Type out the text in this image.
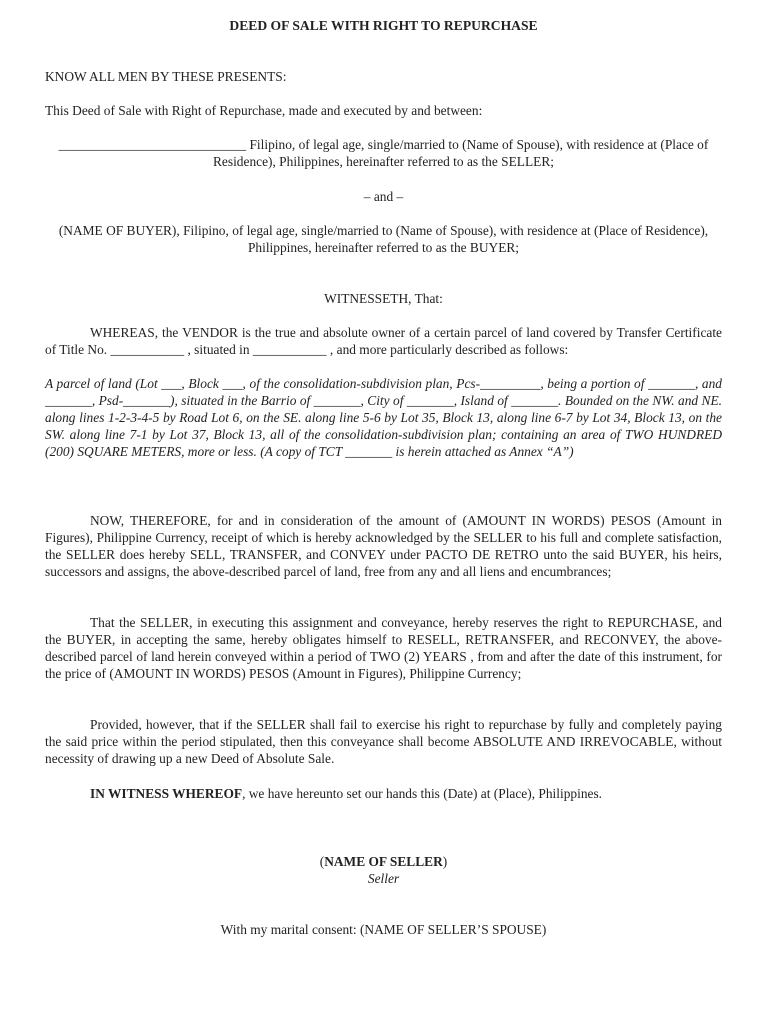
DEED OF SALE WITH RIGHT TO REPURCHASE

KNOW ALL MEN BY THESE PRESENTS:

This Deed of Sale with Right of Repurchase, made and executed by and between:

____________________________ Filipino, of legal age, single/married to (Name of Spouse), with residence at (Place of Residence), Philippines, hereinafter referred to as the SELLER;

– and –

(NAME OF BUYER), Filipino, of legal age, single/married to (Name of Spouse), with residence at (Place of Residence), Philippines, hereinafter referred to as the BUYER;

WITNESSETH, That:

WHEREAS, the VENDOR is the true and absolute owner of a certain parcel of land covered by Transfer Certificate of Title No. ___________ , situated in ___________ , and more particularly described as follows:

A parcel of land (Lot ___, Block ___, of the consolidation-subdivision plan, Pcs-_________, being a portion of _______, and _______, Psd-_______), situated in the Barrio of _______, City of _______, Island of _______. Bounded on the NW. and NE. along lines 1-2-3-4-5 by Road Lot 6, on the SE. along line 5-6 by Lot 35, Block 13, along line 6-7 by Lot 34, Block 13, on the SW. along line 7-1 by Lot 37, Block 13, all of the consolidation-subdivision plan; containing an area of TWO HUNDRED (200) SQUARE METERS, more or less. (A copy of TCT _______ is herein attached as Annex “A”)

NOW, THEREFORE, for and in consideration of the amount of (AMOUNT IN WORDS) PESOS (Amount in Figures), Philippine Currency, receipt of which is hereby acknowledged by the SELLER to his full and complete satisfaction, the SELLER does hereby SELL, TRANSFER, and CONVEY under PACTO DE RETRO unto the said BUYER, his heirs, successors and assigns, the above-described parcel of land, free from any and all liens and encumbrances;

That the SELLER, in executing this assignment and conveyance, hereby reserves the right to REPURCHASE, and the BUYER, in accepting the same, hereby obligates himself to RESELL, RETRANSFER, and RECONVEY, the above-described parcel of land herein conveyed within a period of TWO (2) YEARS , from and after the date of this instrument, for the price of (AMOUNT IN WORDS) PESOS (Amount in Figures), Philippine Currency;

Provided, however, that if the SELLER shall fail to exercise his right to repurchase by fully and completely paying the said price within the period stipulated, then this conveyance shall become ABSOLUTE AND IRREVOCABLE, without necessity of drawing up a new Deed of Absolute Sale.

IN WITNESS WHEREOF, we have hereunto set our hands this (Date) at (Place), Philippines.

(NAME OF SELLER)

Seller

With my marital consent: (NAME OF SELLER’S SPOUSE)
